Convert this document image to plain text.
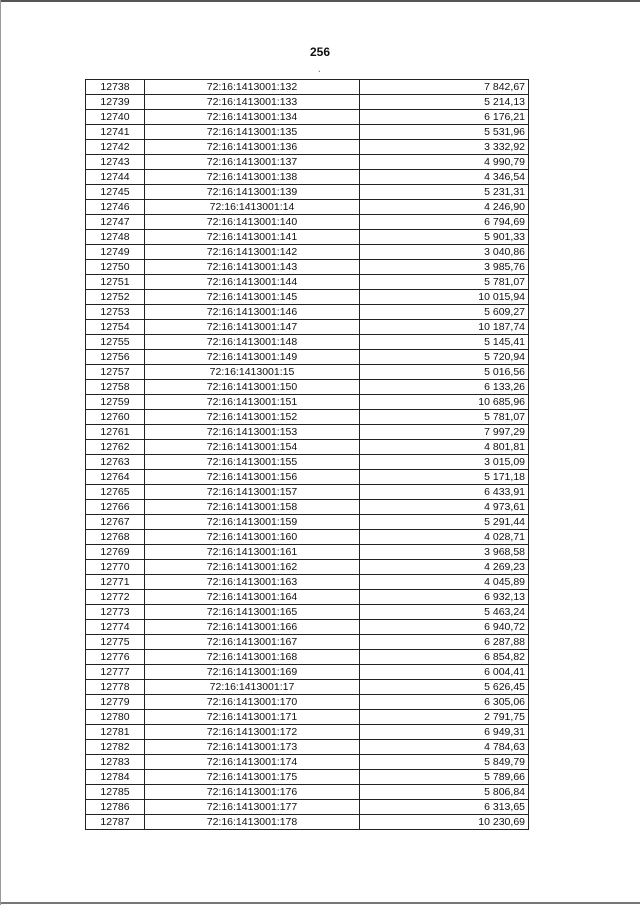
256
ˎ
12738	72:16:1413001:132	7 842,67
12739	72:16:1413001:133	5 214,13
12740	72:16:1413001:134	6 176,21
12741	72:16:1413001:135	5 531,96
12742	72:16:1413001:136	3 332,92
12743	72:16:1413001:137	4 990,79
12744	72:16:1413001:138	4 346,54
12745	72:16:1413001:139	5 231,31
12746	72:16:1413001:14	4 246,90
12747	72:16:1413001:140	6 794,69
12748	72:16:1413001:141	5 901,33
12749	72:16:1413001:142	3 040,86
12750	72:16:1413001:143	3 985,76
12751	72:16:1413001:144	5 781,07
12752	72:16:1413001:145	10 015,94
12753	72:16:1413001:146	5 609,27
12754	72:16:1413001:147	10 187,74
12755	72:16:1413001:148	5 145,41
12756	72:16:1413001:149	5 720,94
12757	72:16:1413001:15	5 016,56
12758	72:16:1413001:150	6 133,26
12759	72:16:1413001:151	10 685,96
12760	72:16:1413001:152	5 781,07
12761	72:16:1413001:153	7 997,29
12762	72:16:1413001:154	4 801,81
12763	72:16:1413001:155	3 015,09
12764	72:16:1413001:156	5 171,18
12765	72:16:1413001:157	6 433,91
12766	72:16:1413001:158	4 973,61
12767	72:16:1413001:159	5 291,44
12768	72:16:1413001:160	4 028,71
12769	72:16:1413001:161	3 968,58
12770	72:16:1413001:162	4 269,23
12771	72:16:1413001:163	4 045,89
12772	72:16:1413001:164	6 932,13
12773	72:16:1413001:165	5 463,24
12774	72:16:1413001:166	6 940,72
12775	72:16:1413001:167	6 287,88
12776	72:16:1413001:168	6 854,82
12777	72:16:1413001:169	6 004,41
12778	72:16:1413001:17	5 626,45
12779	72:16:1413001:170	6 305,06
12780	72:16:1413001:171	2 791,75
12781	72:16:1413001:172	6 949,31
12782	72:16:1413001:173	4 784,63
12783	72:16:1413001:174	5 849,79
12784	72:16:1413001:175	5 789,66
12785	72:16:1413001:176	5 806,84
12786	72:16:1413001:177	6 313,65
12787	72:16:1413001:178	10 230,69
